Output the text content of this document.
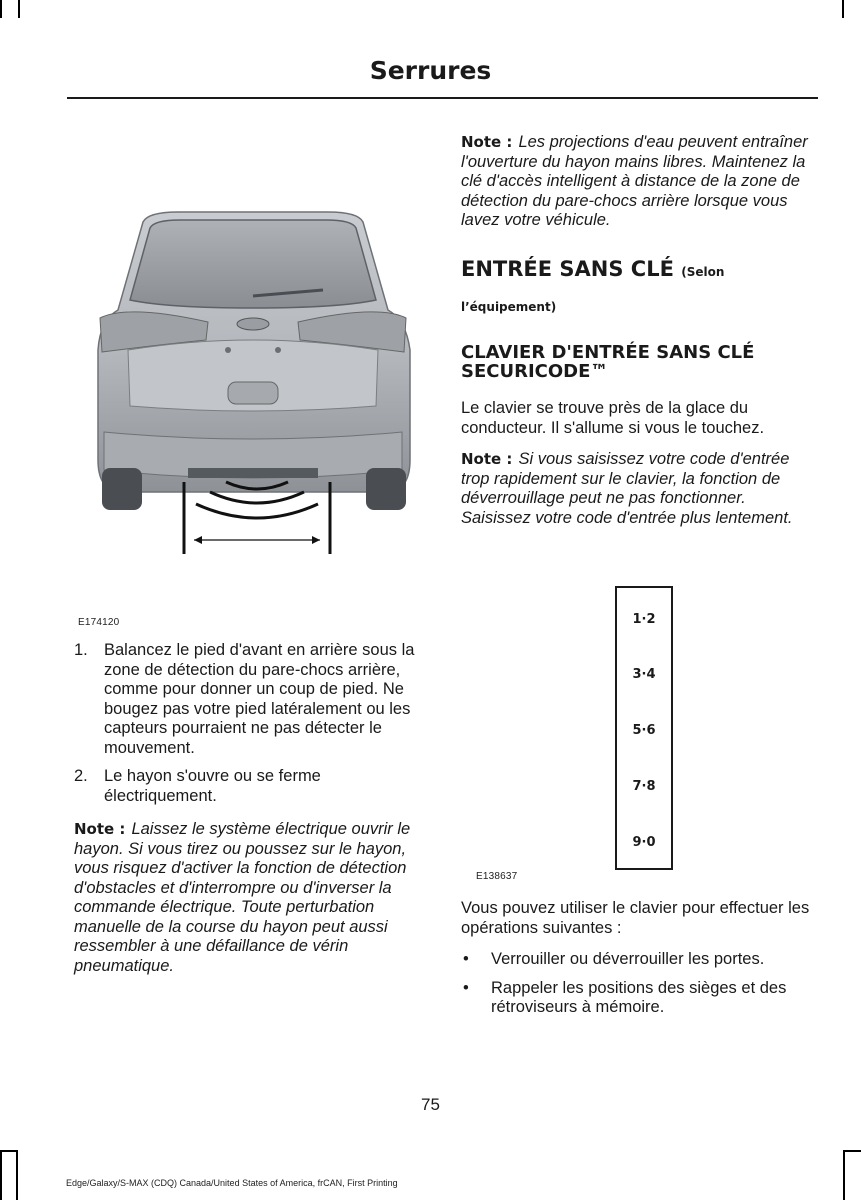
Serrures
E174120
1. Balancez le pied d'avant en arrière sous la zone de détection du pare-chocs arrière, comme pour donner un coup de pied. Ne bougez pas votre pied latéralement ou les capteurs pourraient ne pas détecter le mouvement.
2. Le hayon s'ouvre ou se ferme électriquement.

Note : Laissez le système électrique ouvrir le hayon. Si vous tirez ou poussez sur le hayon, vous risquez d'activer la fonction de détection d'obstacles et d'interrompre ou d'inverser la commande électrique. Toute perturbation manuelle de la course du hayon peut aussi ressembler à une défaillance de vérin pneumatique.

Note : Les projections d'eau peuvent entraîner l'ouverture du hayon mains libres. Maintenez la clé d'accès intelligent à distance de la zone de détection du pare-chocs arrière lorsque vous lavez votre véhicule.

ENTRÉE SANS CLÉ (Selon

l’équipement)

CLAVIER D'ENTRÉE SANS CLÉ SECURICODE™

Le clavier se trouve près de la glace du conducteur. Il s'allume si vous le touchez.

Note : Si vous saisissez votre code d'entrée trop rapidement sur le clavier, la fonction de déverrouillage peut ne pas fonctionner. Saisissez votre code d'entrée plus lentement.

1·2
3·4
5·6
7·8
9·0
E138637

Vous pouvez utiliser le clavier pour effectuer les opérations suivantes :

• Verrouiller ou déverrouiller les portes.
• Rappeler les positions des sièges et des rétroviseurs à mémoire.
75
Edge/Galaxy/S-MAX (CDQ) Canada/United States of America, frCAN, First Printing
